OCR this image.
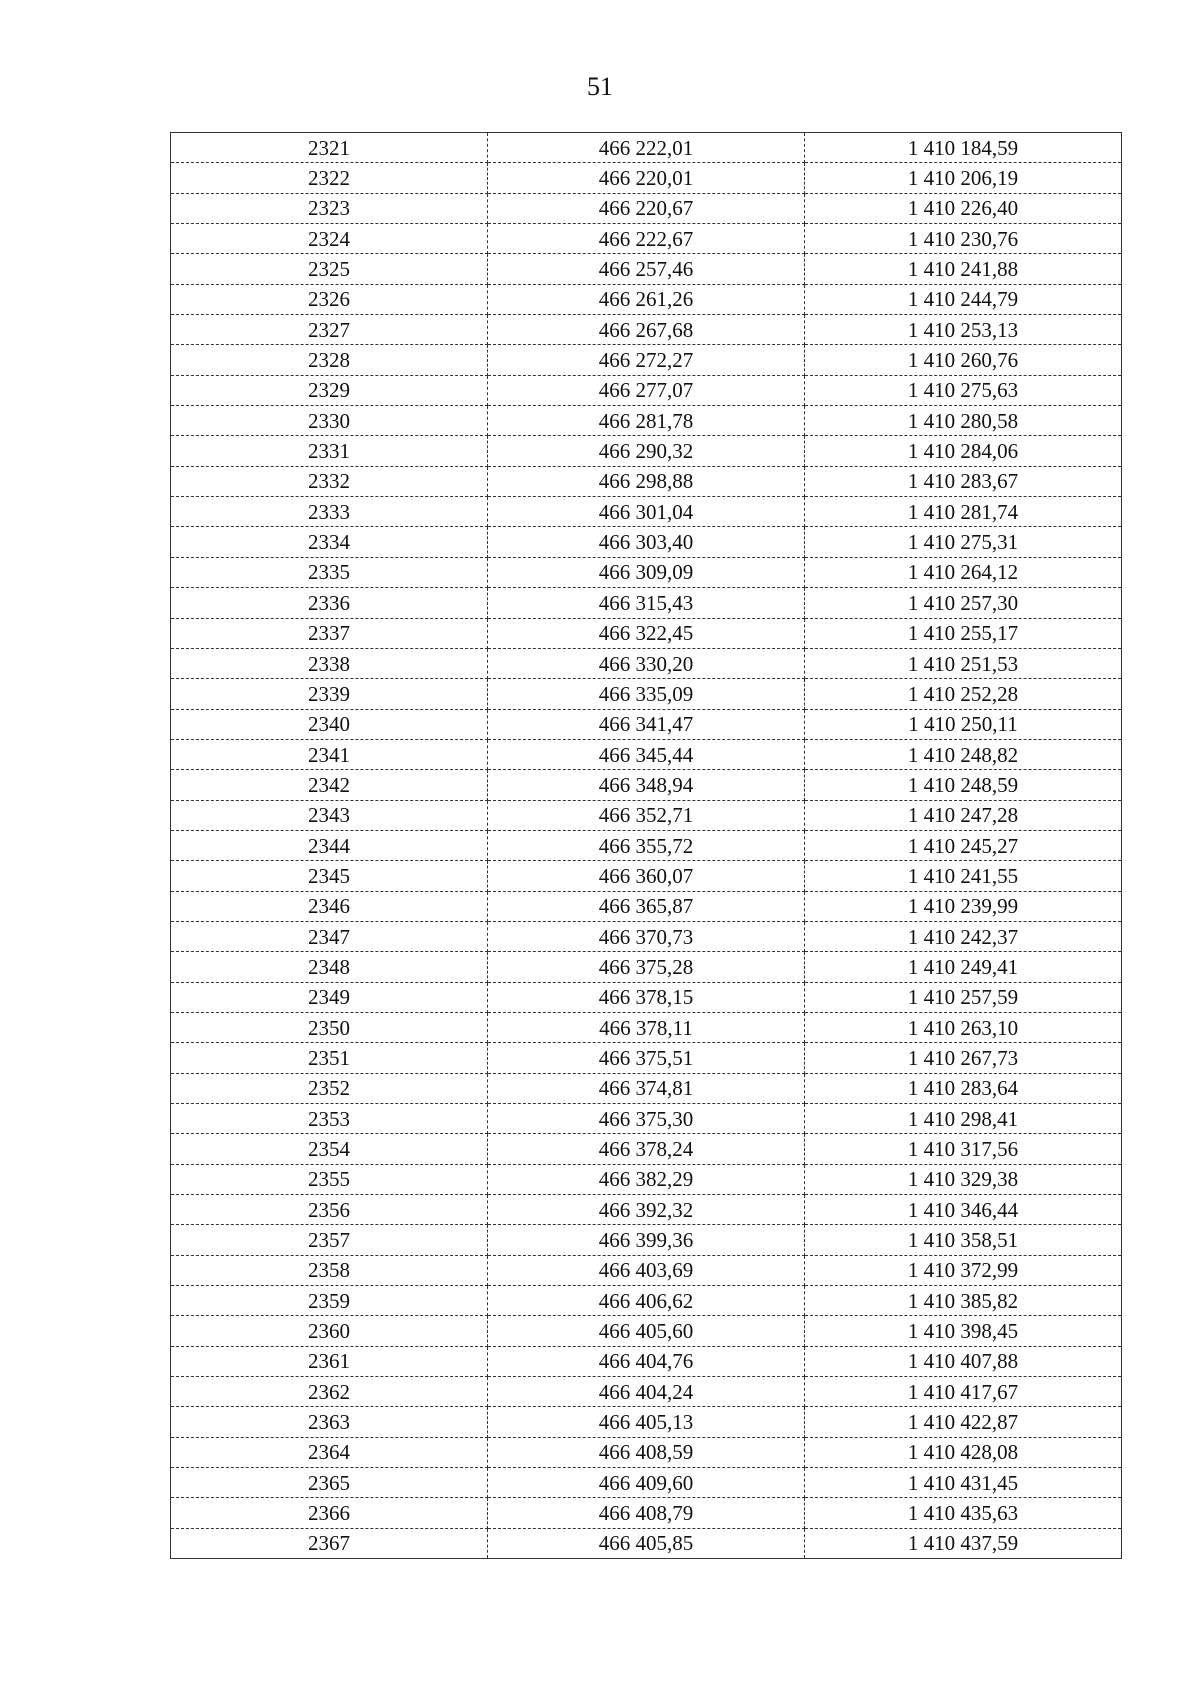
51
2321	466 222,01	1 410 184,59
2322	466 220,01	1 410 206,19
2323	466 220,67	1 410 226,40
2324	466 222,67	1 410 230,76
2325	466 257,46	1 410 241,88
2326	466 261,26	1 410 244,79
2327	466 267,68	1 410 253,13
2328	466 272,27	1 410 260,76
2329	466 277,07	1 410 275,63
2330	466 281,78	1 410 280,58
2331	466 290,32	1 410 284,06
2332	466 298,88	1 410 283,67
2333	466 301,04	1 410 281,74
2334	466 303,40	1 410 275,31
2335	466 309,09	1 410 264,12
2336	466 315,43	1 410 257,30
2337	466 322,45	1 410 255,17
2338	466 330,20	1 410 251,53
2339	466 335,09	1 410 252,28
2340	466 341,47	1 410 250,11
2341	466 345,44	1 410 248,82
2342	466 348,94	1 410 248,59
2343	466 352,71	1 410 247,28
2344	466 355,72	1 410 245,27
2345	466 360,07	1 410 241,55
2346	466 365,87	1 410 239,99
2347	466 370,73	1 410 242,37
2348	466 375,28	1 410 249,41
2349	466 378,15	1 410 257,59
2350	466 378,11	1 410 263,10
2351	466 375,51	1 410 267,73
2352	466 374,81	1 410 283,64
2353	466 375,30	1 410 298,41
2354	466 378,24	1 410 317,56
2355	466 382,29	1 410 329,38
2356	466 392,32	1 410 346,44
2357	466 399,36	1 410 358,51
2358	466 403,69	1 410 372,99
2359	466 406,62	1 410 385,82
2360	466 405,60	1 410 398,45
2361	466 404,76	1 410 407,88
2362	466 404,24	1 410 417,67
2363	466 405,13	1 410 422,87
2364	466 408,59	1 410 428,08
2365	466 409,60	1 410 431,45
2366	466 408,79	1 410 435,63
2367	466 405,85	1 410 437,59
